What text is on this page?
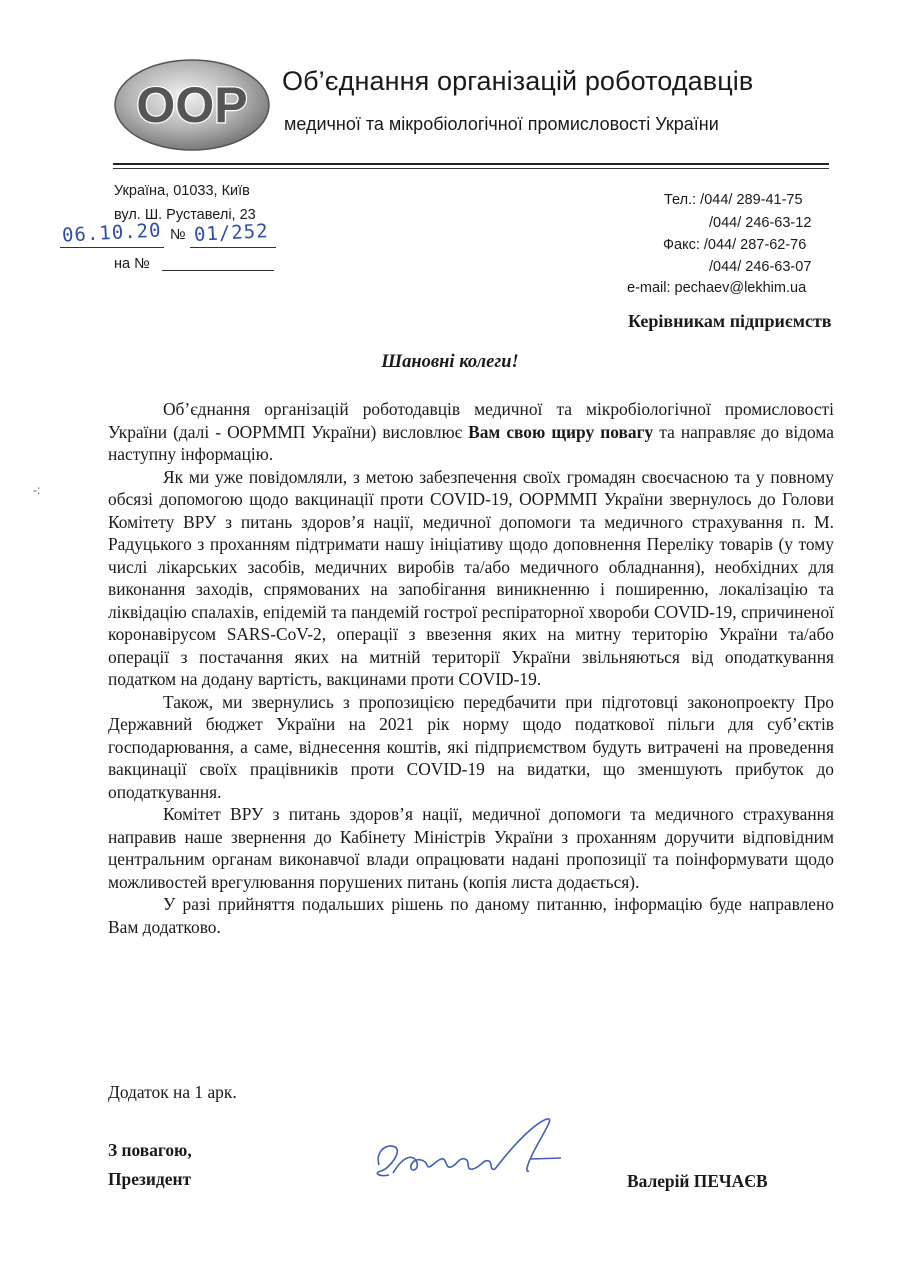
ООР Об’єднання організацій роботодавців
медичної та мікробіологічної промисловості України
Україна, 01033, Київ
вул. Ш. Руставелі, 23
06.10.20 № 01/252
на №
Тел.: /044/ 289-41-75
/044/ 246-63-12
Факс: /044/ 287-62-76
/044/ 246-63-07
e-mail: pechaev@lekhim.ua
Керівникам підприємств
Шановні колеги!
-:

Об’єднання організацій роботодавців медичної та мікробіологічної промисловості України (далі - ООРММП України) висловлює Вам свою щиру повагу та направляє до відома наступну інформацію.

Як ми уже повідомляли, з метою забезпечення своїх громадян своєчасною та у повному обсязі допомогою щодо вакцинації проти COVID-19, ООРММП України звернулось до Голови Комітету ВРУ з питань здоров’я нації, медичної допомоги та медичного страхування п. М. Радуцького з проханням підтримати нашу ініціативу щодо доповнення Переліку товарів (у тому числі лікарських засобів, медичних виробів та/або медичного обладнання), необхідних для виконання заходів, спрямованих на запобігання виникненню і поширенню, локалізацію та ліквідацію спалахів, епідемій та пандемій гострої респіраторної хвороби COVID-19, спричиненої коронавірусом SARS-CoV-2, операції з ввезення яких на митну територію України та/або операції з постачання яких на митній території України звільняються від оподаткування податком на додану вартість, вакцинами проти COVID-19.

Також, ми звернулись з пропозицією передбачити при підготовці законопроекту Про Державний бюджет України на 2021 рік норму щодо податкової пільги для суб’єктів господарювання, а саме, віднесення коштів, які підприємством будуть витрачені на проведення вакцинації своїх працівників проти COVID-19 на видатки, що зменшують прибуток до оподаткування.

Комітет ВРУ з питань здоров’я нації, медичної допомоги та медичного страхування направив наше звернення до Кабінету Міністрів України з проханням доручити відповідним центральним органам виконавчої влади опрацювати надані пропозиції та поінформувати щодо можливостей врегулювання порушених питань (копія листа додається).

У разі прийняття подальших рішень по даному питанню, інформацію буде направлено Вам додатково.

Додаток на 1 арк.
З повагою,
Президент	Валерій ПЕЧАЄВ
